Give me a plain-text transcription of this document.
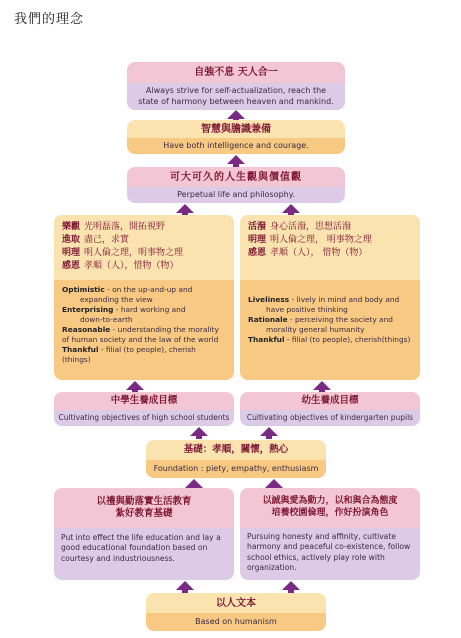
我們的理念
自強不息 天人合一
Always strive for self-actualization, reach the state of harmony between heaven and mankind.
智慧與膽識兼備
Have both intelligence and courage.
可大可久的人生觀與價值觀
Perpetual life and philosophy.
樂觀 光明磊落，開拓視野
進取 盡己，求實
明理 明人倫之理，明事物之理
感恩 孝順（人），惜物（物）
Optimistic - on the up-and-up and
expanding the view
Enterprising - hard working and
down-to-earth
Reasonable - understanding the morality of human society and the law of the world
Thankful - filial (to people), cherish (things)
活潑 身心活潑，思想活潑
明理 明人倫之理， 明事物之理
感恩 孝順（人）， 惜物（物）
Liveliness - lively in mind and body and
have positive thinking
Rationale - perceiving the society and
morality general humanity
Thankful - filial (to people), cherish(things)
中學生養成目標
Cultivating objectives of high school students
幼生養成目標
Cultivating objectives of kindergarten pupils
基礎：孝順，關懷，熱心
Foundation : piety, empathy, enthusiasm
以禮與勤落實生活教育
紮好教育基礎
Put into effect the life education and lay a good educational foundation based on courtesy and industriousness.
以誠與愛為動力，以和與合為態度
培養校園倫理，作好扮演角色
Pursuing honesty and affinity, cultivate harmony and peaceful co-existence, follow school ethics, actively play role with organization.
以人文本
Based on humanism
